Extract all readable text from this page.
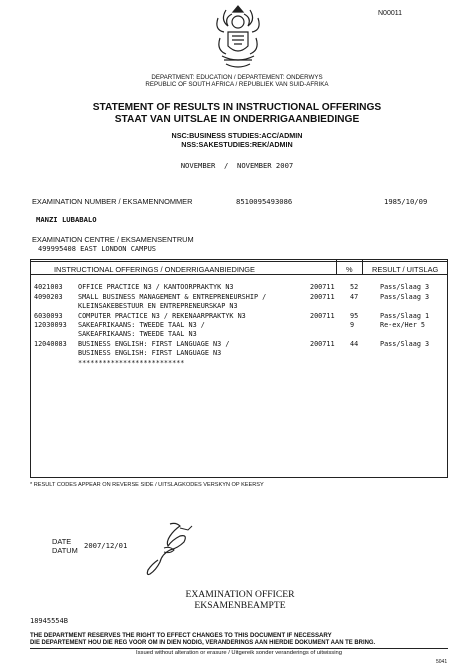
N00011
DEPARTMENT: EDUCATION / DEPARTEMENT: ONDERWYS
REPUBLIC OF SOUTH AFRICA / REPUBLIEK VAN SUID-AFRIKA
STATEMENT OF RESULTS IN INSTRUCTIONAL OFFERINGS
STAAT VAN UITSLAE IN ONDERRIGAANBIEDINGE
NSC:BUSINESS STUDIES:ACC/ADMIN
NSS:SAKESTUDIES:REK/ADMIN
NOVEMBER  /  NOVEMBER 2007
EXAMINATION NUMBER / EKSAMENNOMMER	8510095493086	1985/10/09
MANZI LUBABALO
EXAMINATION CENTRE / EKSAMENSENTRUM
499995408 EAST LONDON CAMPUS
INSTRUCTIONAL OFFERINGS / ONDERRIGAANBIEDINGE	%	RESULT / UITSLAG
4021003 OFFICE PRACTICE N3 / KANTOORPRAKTYK N3	200711 52	Pass/Slaag 3
4090203 SMALL BUSINESS MANAGEMENT & ENTREPRENEURSHIP /
KLEINSAKEBESTUUR EN ENTREPRENEURSKAP N3
200711 47	Pass/Slaag 3
6030093 COMPUTER PRACTICE N3 / REKENAARPRAKTYK N3	200711 95	Pass/Slaag 1
12030093 SAKEAFRIKAANS: TWEEDE TAAL N3 /
SAKEAFRIKAANS: TWEEDE TAAL N3
9	Re-ex/Her 5
12040083 BUSINESS ENGLISH: FIRST LANGUAGE N3 /
BUSINESS ENGLISH: FIRST LANGUAGE N3
200711 44	Pass/Slaag 3
**************************
* RESULT CODES APPEAR ON REVERSE SIDE / UITSLAGKODES VERSKYN OP KEERSY
DATE
DATUM
2007/12/01
EXAMINATION OFFICER
EKSAMENBEAMPTE
18945554B
THE DEPARTMENT RESERVES THE RIGHT TO EFFECT CHANGES TO THIS DOCUMENT IF NECESSARY
DIE DEPARTEMENT HOU DIE REG VOOR OM IN DIEN NODIG, VERANDERINGS AAN HIERDIE DOKUMENT AAN TE BRING.
Issued without alteration or erasure / Uitgereik sonder veranderings of uitwissing
5041
